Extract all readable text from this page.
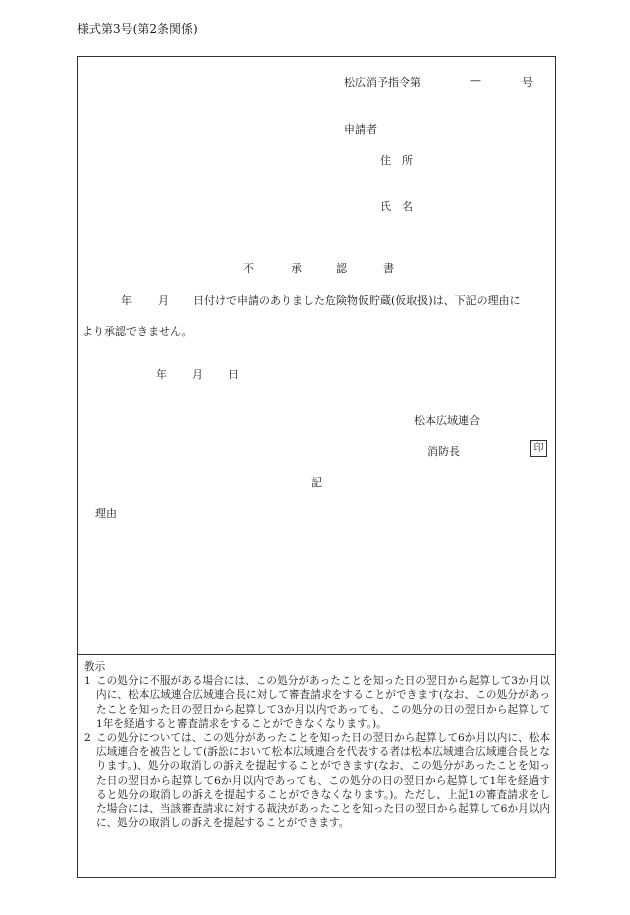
様式第3号(第2条関係)
松広消予指令第	—	号
申請者
住　所
氏　名
不	承	認	書
年 月 日付けで申請のありました危険物仮貯蔵(仮取扱)は、下記の理由に
より承認できません。
年 月 日
松本広域連合
消防長	印
記
理由
教示
1 この処分に不服がある場合には、この処分があったことを知った日の翌日から起算して3か月以内に、松本広域連合広域連合長に対して審査請求をすることができます(なお、この処分があったことを知った日の翌日から起算して3か月以内であっても、この処分の日の翌日から起算して1年を経過すると審査請求をすることができなくなります。)。
2 この処分については、この処分があったことを知った日の翌日から起算して6か月以内に、松本広域連合を被告として(訴訟において松本広域連合を代表する者は松本広域連合広域連合長となります。)、処分の取消しの訴えを提起することができます(なお、この処分があったことを知った日の翌日から起算して6か月以内であっても、この処分の日の翌日から起算して1年を経過すると処分の取消しの訴えを提起することができなくなります。)。ただし、上記1の審査請求をした場合には、当該審査請求に対する裁決があったことを知った日の翌日から起算して6か月以内に、処分の取消しの訴えを提起することができます。
